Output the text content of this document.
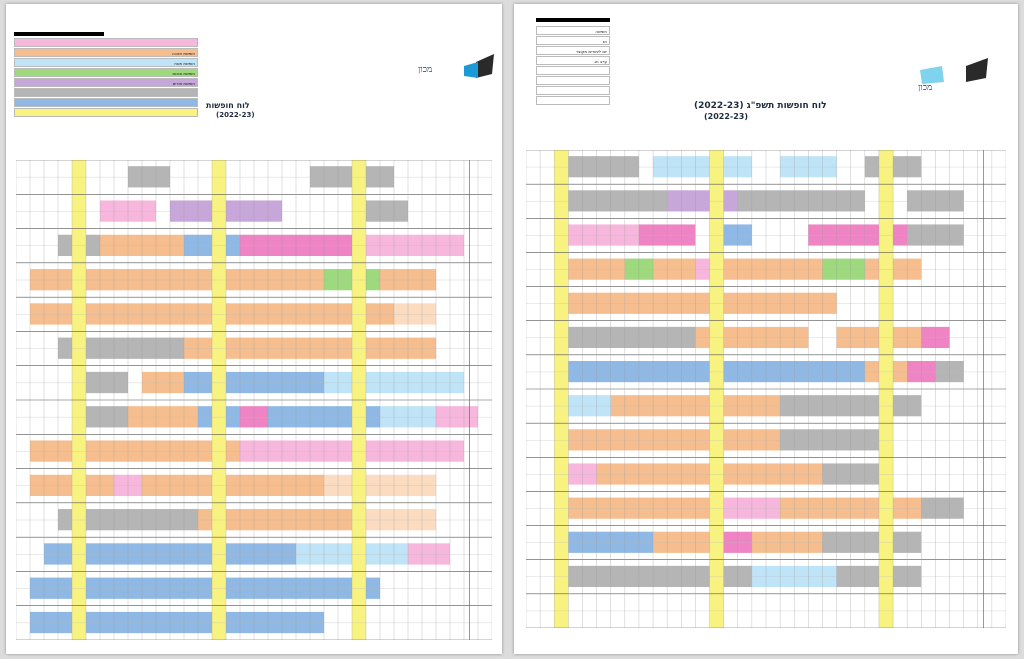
חופשת חנוכה
חופשת פסח
חופשת סוכות
חופשת פורים
מכון
לוח חופשות
(2022-23)
חופשה
חג
יום לימודים מקוצר
ערב חג
מכון
לוח חופשות תשפ"ג (2022-23)
(2022-23)
